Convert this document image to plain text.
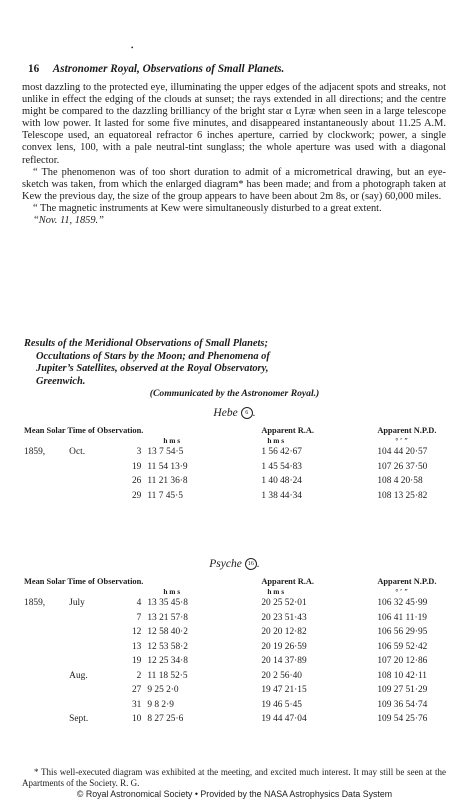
•
16 Astronomer Royal, Observations of Small Planets.

most dazzling to the protected eye, illuminating the upper edges of the adjacent spots and streaks, not unlike in effect the edging of the clouds at sunset; the rays extended in all directions; and the centre might be compared to the dazzling brilliancy of the bright star α Lyræ when seen in a large telescope with low power. It lasted for some five minutes, and disappeared instantaneously about 11.25 A.M. Telescope used, an equatoreal refractor 6 inches aperture, carried by clockwork; power, a single convex lens, 100, with a pale neutral-tint sunglass; the whole aperture was used with a diagonal reflector.

“ The phenomenon was of too short duration to admit of a micrometrical drawing, but an eye-sketch was taken, from which the enlarged diagram* has been made; and from a photograph taken at Kew the previous day, the size of the group appears to have been about 2m 8s, or (say) 60,000 miles.

“ The magnetic instruments at Kew were simultaneously disturbed to a great extent.

“Nov. 11, 1859.”

Results of the Meridional Observations of Small Planets;
Occultations of Stars by the Moon; and Phenomena of
Jupiter’s Satellites, observed at the Royal Observatory,
Greenwich.
(Communicated by the Astronomer Royal.)
Hebe 6 .
Mean Solar Time of Observation.				Apparent R.A.	Apparent N.P.D.
			h m s	h m s	° ′ ″
1859,	Oct.	3	13 7 54·5	1 56 42·67	104 44 20·57
		19	11 54 13·9	1 45 54·83	107 26 37·50
		26	11 21 36·8	1 40 48·24	108 4 20·58
		29	11 7 45·5	1 38 44·34	108 13 25·82
Psyche 16 .
Mean Solar Time of Observation.				Apparent R.A.	Apparent N.P.D.
			h m s	h m s	° ′ ″
1859,	July	4	13 35 45·8	20 25 52·01	106 32 45·99
		7	13 21 57·8	20 23 51·43	106 41 11·19
		12	12 58 40·2	20 20 12·82	106 56 29·95
		13	12 53 58·2	20 19 26·59	106 59 52·42
		19	12 25 34·8	20 14 37·89	107 20 12·86
	Aug.	2	11 18 52·5	20 2 56·40	108 10 42·11
		27	9 25 2·0	19 47 21·15	109 27 51·29
		31	9 8 2·9	19 46 5·45	109 36 54·74
	Sept.	10	8 27 25·6	19 44 47·04	109 54 25·76

* This well-executed diagram was exhibited at the meeting, and excited much interest. It may still be seen at the Apartments of the Society. R. G.

© Royal Astronomical Society • Provided by the NASA Astrophysics Data System
